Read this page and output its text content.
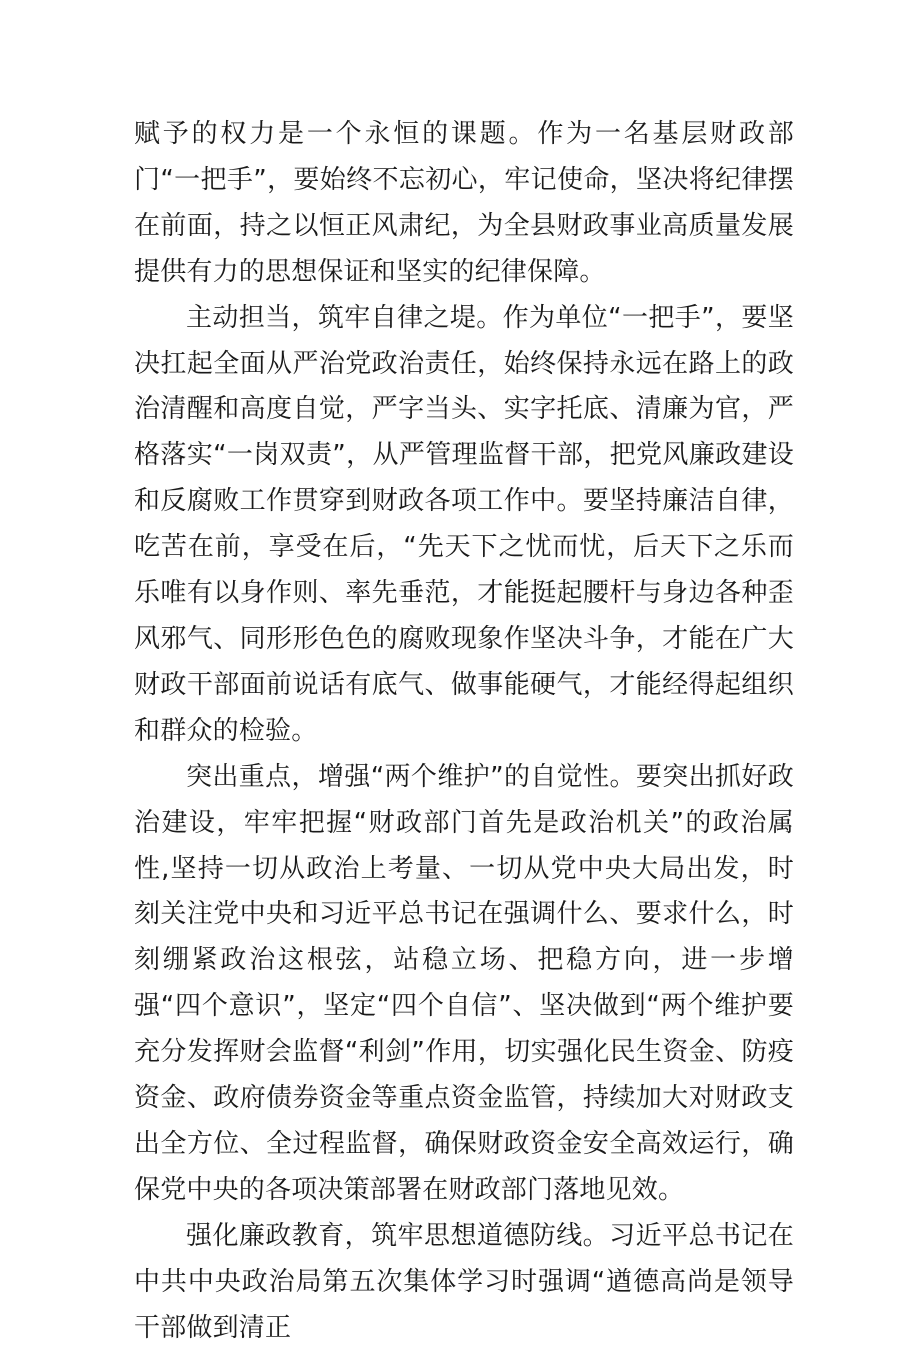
赋予的权力是一个永恒的课题。作为一名基层财政部门“一把手”，要始终不忘初心，牢记使命，坚决将纪律摆在前面，持之以恒正风肃纪，为全县财政事业高质量发展提供有力的思想保证和坚实的纪律保障。

主动担当，筑牢自律之堤。作为单位“一把手”，要坚决扛起全面从严治党政治责任，始终保持永远在路上的政治清醒和高度自觉，严字当头、实字托底、清廉为官，严格落实“一岗双责”，从严管理监督干部，把党风廉政建设和反腐败工作贯穿到财政各项工作中。要坚持廉洁自律，吃苦在前，享受在后，“先天下之忧而忧，后天下之乐而乐唯有以身作则、率先垂范，才能挺起腰杆与身边各种歪风邪气、同形形色色的腐败现象作坚决斗争，才能在广大财政干部面前说话有底气、做事能硬气，才能经得起组织和群众的检验。

突出重点，增强“两个维护”的自觉性。要突出抓好政治建设，牢牢把握“财政部门首先是政治机关”的政治属性,坚持一切从政治上考量、一切从党中央大局出发，时刻关注党中央和习近平总书记在强调什么、要求什么，时刻绷紧政治这根弦，站稳立场、把稳方向，进一步增强“四个意识”，坚定“四个自信”、坚决做到“两个维护要充分发挥财会监督“利剑”作用，切实强化民生资金、防疫资金、政府债券资金等重点资金监管，持续加大对财政支出全方位、全过程监督，确保财政资金安全高效运行，确保党中央的各项决策部署在财政部门落地见效。

强化廉政教育，筑牢思想道德防线。习近平总书记在中共中央政治局第五次集体学习时强调“遒德高尚是领导干部做到清正
